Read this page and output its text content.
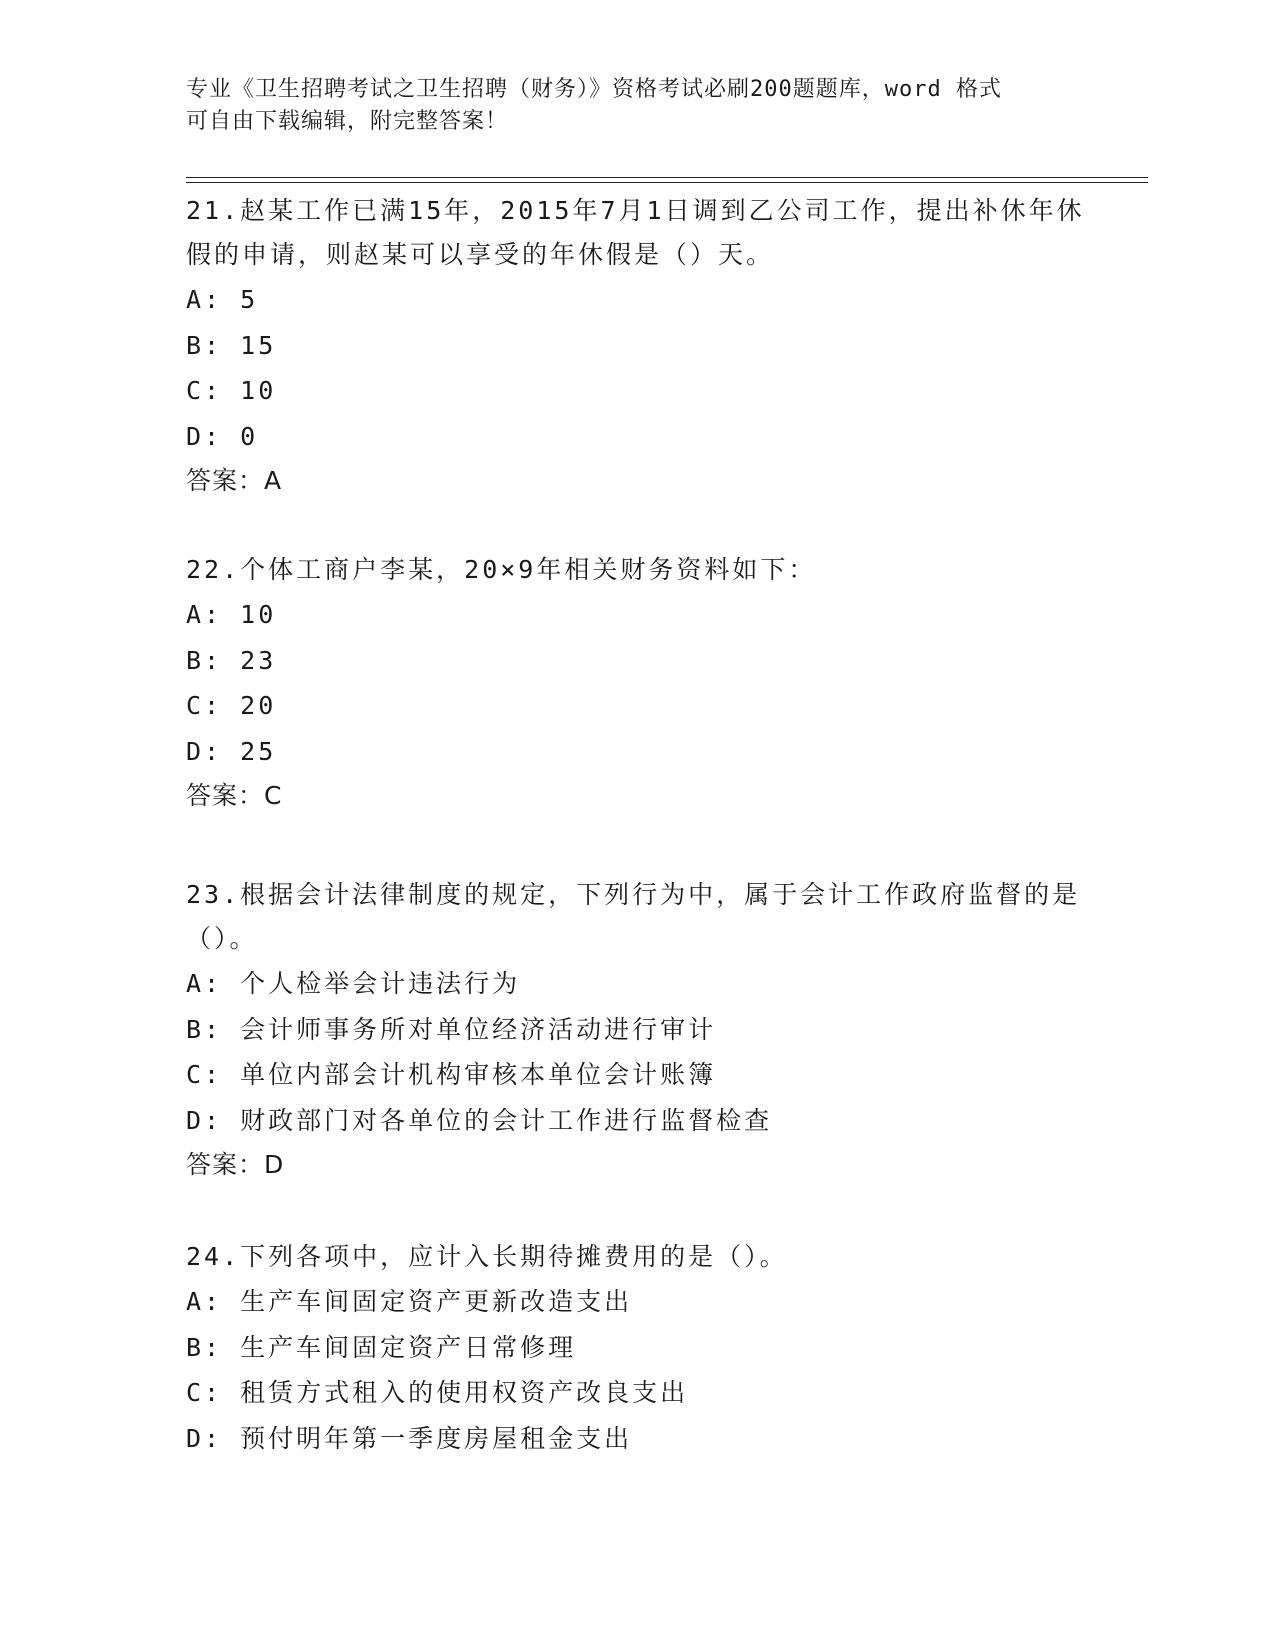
专业《卫生招聘考试之卫生招聘（财务）》资格考试必刷200题题库，word 格式
可自由下载编辑，附完整答案！
21.赵某工作已满15年，2015年7月1日调到乙公司工作，提出补休年休假的申请，则赵某可以享受的年休假是（）天。
A: 5
B: 15
C: 10
D: 0
答案：A
22.个体工商户李某，20×9年相关财务资料如下：
A: 10
B: 23
C: 20
D: 25
答案：C
23.根据会计法律制度的规定，下列行为中，属于会计工作政府监督的是（）。
A: 个人检举会计违法行为
B: 会计师事务所对单位经济活动进行审计
C: 单位内部会计机构审核本单位会计账簿
D: 财政部门对各单位的会计工作进行监督检查
答案：D
24.下列各项中，应计入长期待摊费用的是（）。
A: 生产车间固定资产更新改造支出
B: 生产车间固定资产日常修理
C: 租赁方式租入的使用权资产改良支出
D: 预付明年第一季度房屋租金支出
